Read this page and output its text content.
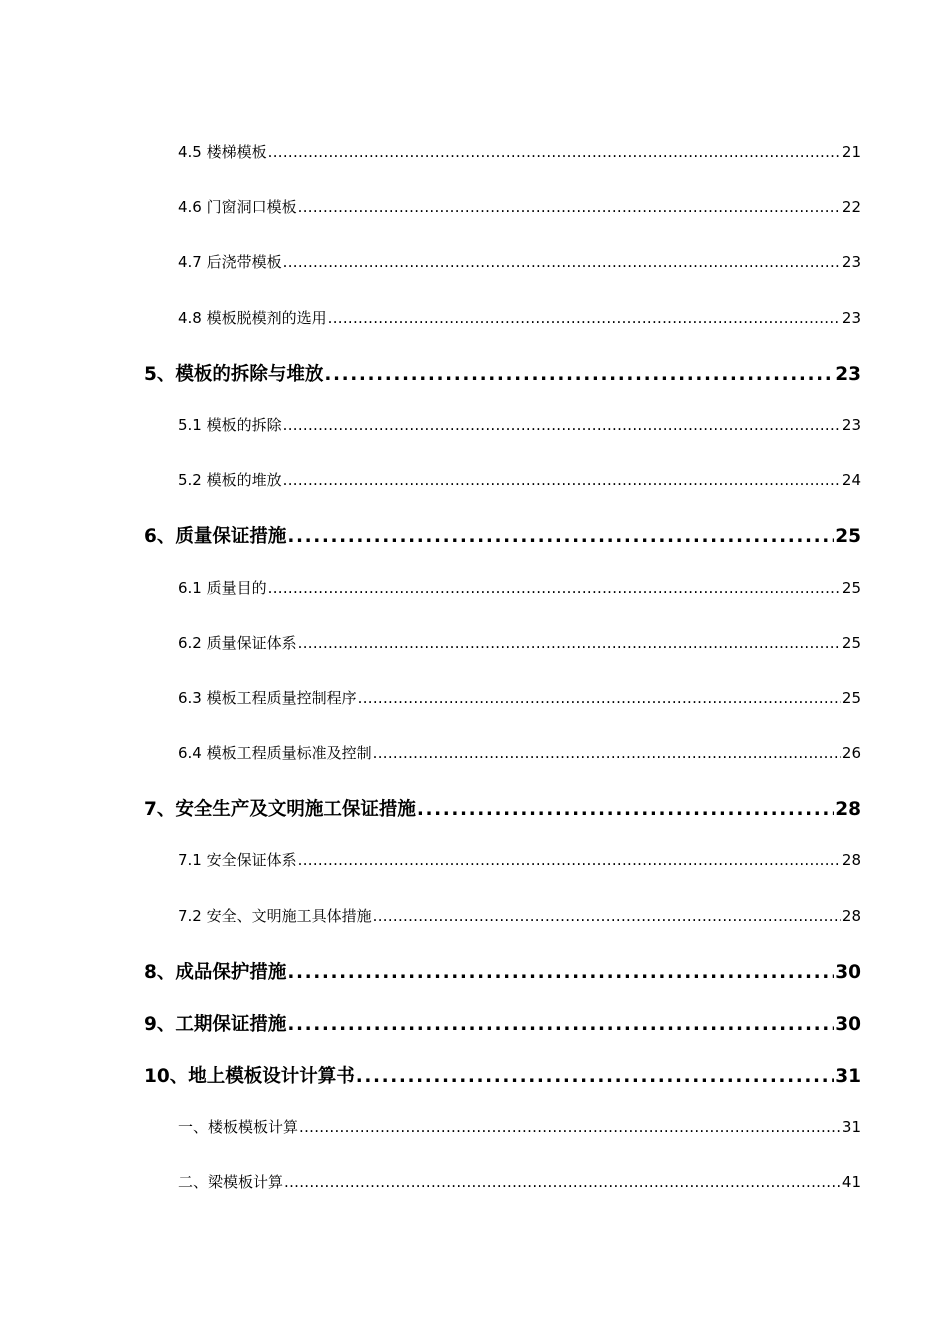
4.5 楼梯模板 .....	21
4.6 门窗洞口模板 .....	22
4.7 后浇带模板 .....	23
4.8 模板脱模剂的选用 .....	23
5、模板的拆除与堆放 .....	23
5.1 模板的拆除 .....	23
5.2 模板的堆放 .....	24
6、质量保证措施 .....	25
6.1 质量目的 .....	25
6.2 质量保证体系 .....	25
6.3 模板工程质量控制程序 .....	25
6.4 模板工程质量标准及控制 .....	26
7、安全生产及文明施工保证措施 .....	28
7.1 安全保证体系 .....	28
7.2 安全、文明施工具体措施 .....	28
8、成品保护措施 .....	30
9、工期保证措施 .....	30
10、地上模板设计计算书 .....	31
一、楼板模板计算 .....	31
二、梁模板计算 .....	41
